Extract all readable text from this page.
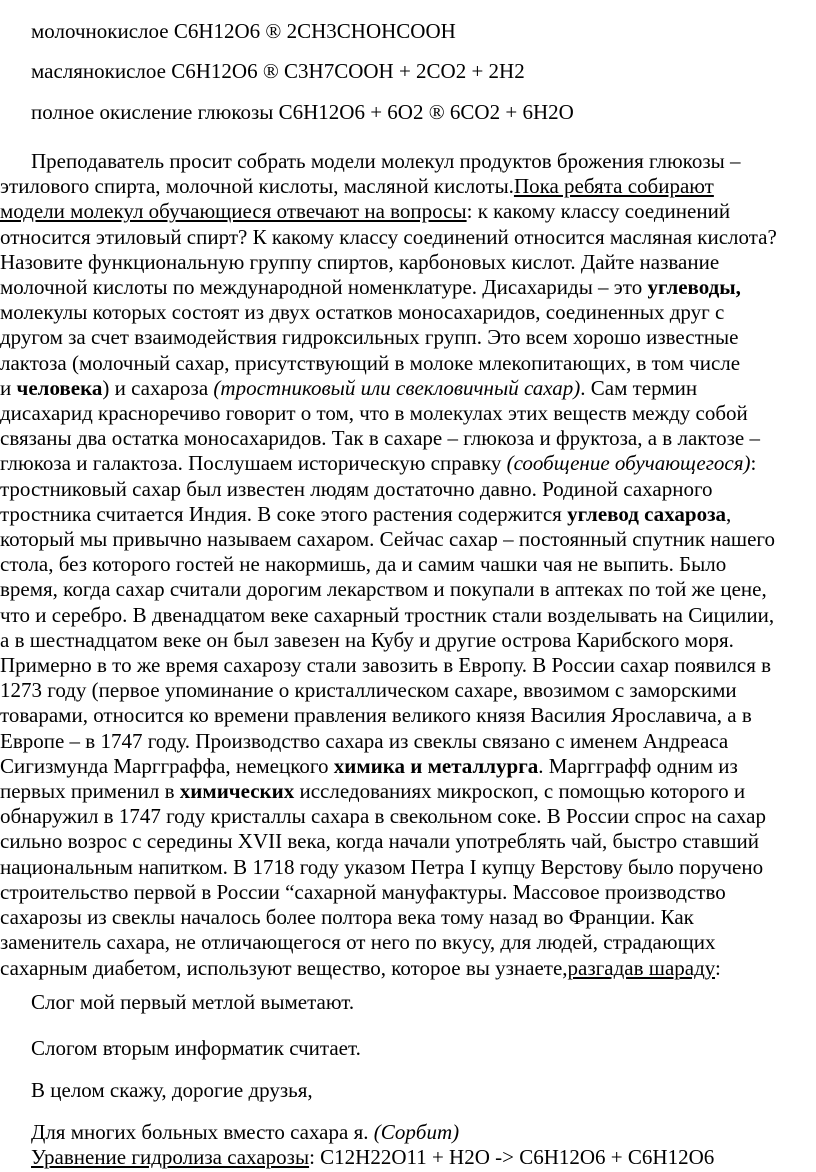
молочнокислое C6H12O6 ® 2CH3CHOHCOOH
маслянокислое C6H12O6 ® C3H7COOH + 2CO2 + 2H2
полное окисление глюкозы C6H12O6 + 6O2 ® 6CO2 + 6H2O
Преподаватель просит собрать модели молекул продуктов брожения глюкозы –
этилового спирта, молочной кислоты, масляной кислоты.Пока ребята собирают
модели молекул обучающиеся отвечают на вопросы: к какому классу соединений
относится этиловый спирт? К какому классу соединений относится масляная кислота?
Назовите функциональную группу спиртов, карбоновых кислот. Дайте название
молочной кислоты по международной номенклатуре. Дисахариды – это углеводы,
молекулы которых состоят из двух остатков моносахаридов, соединенных друг с
другом за счет взаимодействия гидроксильных групп. Это всем хорошо известные
лактоза (молочный сахар, присутствующий в молоке млекопитающих, в том числе
и человека) и сахароза (тростниковый или свекловичный сахар). Сам термин
дисахарид красноречиво говорит о том, что в молекулах этих веществ между собой
связаны два остатка моносахаридов. Так в сахаре – глюкоза и фруктоза, а в лактозе –
глюкоза и галактоза. Послушаем историческую справку (сообщение обучающегося):
тростниковый сахар был известен людям достаточно давно. Родиной сахарного
тростника считается Индия. В соке этого растения содержится углевод сахароза,
который мы привычно называем сахаром. Сейчас сахар – постоянный спутник нашего
стола, без которого гостей не накормишь, да и самим чашки чая не выпить. Было
время, когда сахар считали дорогим лекарством и покупали в аптеках по той же цене,
что и серебро. В двенадцатом веке сахарный тростник стали возделывать на Сицилии,
а в шестнадцатом веке он был завезен на Кубу и другие острова Карибского моря.
Примерно в то же время сахарозу стали завозить в Европу. В России сахар появился в
1273 году (первое упоминание о кристаллическом сахаре, ввозимом с заморскими
товарами, относится ко времени правления великого князя Василия Ярославича, а в
Европе – в 1747 году. Производство сахара из свеклы связано с именем Андреаса
Сигизмунда Маргграффа, немецкого химика и металлурга. Маргграфф одним из
первых применил в химических исследованиях микроскоп, с помощью которого и
обнаружил в 1747 году кристаллы сахара в свекольном соке. В России спрос на сахар
сильно возрос с середины XVII века, когда начали употреблять чай, быстро ставший
национальным напитком. В 1718 году указом Петра I купцу Верстову было поручено
строительство первой в России “сахарной мануфактуры. Массовое производство
сахарозы из свеклы началось более полтора века тому назад во Франции. Как
заменитель сахара, не отличающегося от него по вкусу, для людей, страдающих
сахарным диабетом, используют вещество, которое вы узнаете,разгадав шараду:
Слог мой первый метлой выметают.
Слогом вторым информатик считает.
В целом скажу, дорогие друзья,
Для многих больных вместо сахара я. (Сорбит)
Уравнение гидролиза сахарозы: C12H22O11 + H2O -> C6H12O6 + C6H12O6
